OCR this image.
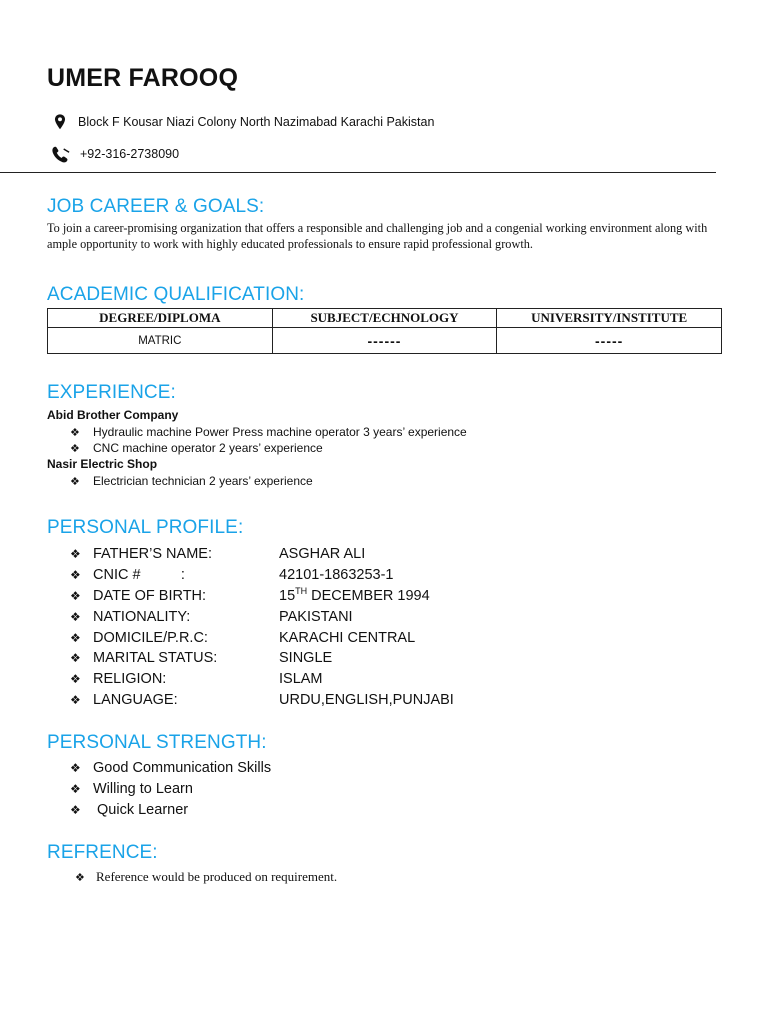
UMER FAROOQ
Block F Kousar Niazi Colony North Nazimabad Karachi Pakistan
+92-316-2738090
JOB CAREER & GOALS:

To join a career-promising organization that offers a responsible and challenging job and a congenial working environment along with ample opportunity to work with highly educated professionals to ensure rapid professional growth.

ACADEMIC QUALIFICATION:
DEGREE/DIPLOMA	SUBJECT/ECHNOLOGY	UNIVERSITY/INSTITUTE
MATRIC	------	-----
EXPERIENCE:

Abid Brother Company

❖	Hydraulic machine Power Press machine operator 3 years’ experience
❖	CNC machine operator 2 years’ experience

Nasir Electric Shop

❖	Electrician technician 2 years’ experience
PERSONAL PROFILE:
❖ FATHER’S NAME:	ASGHAR ALI
❖ CNIC #          :	42101-1863253-1
❖ DATE OF BIRTH:	15TH DECEMBER 1994
❖ NATIONALITY:	PAKISTANI
❖ DOMICILE/P.R.C:	KARACHI CENTRAL
❖ MARITAL STATUS:	SINGLE
❖ RELIGION:	ISLAM
❖ LANGUAGE:	URDU,ENGLISH,PUNJABI
PERSONAL STRENGTH:
❖ Good Communication Skills
❖ Willing to Learn
❖ Quick Learner
REFRENCE:
❖ Reference would be produced on requirement.
